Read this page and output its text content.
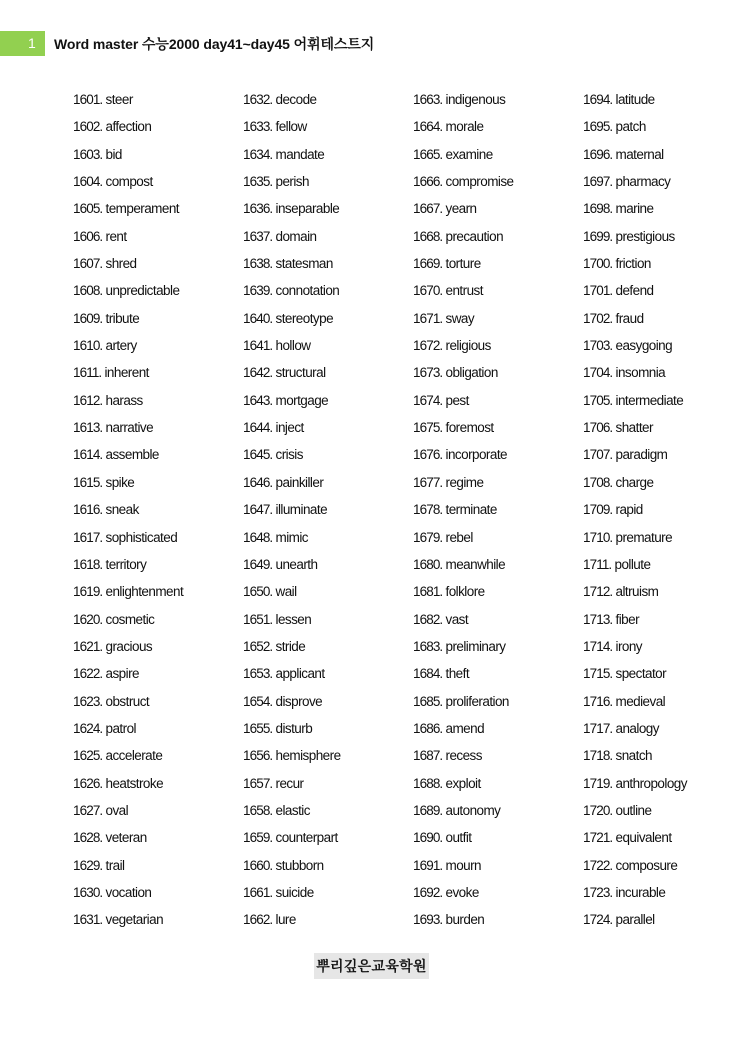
1	Word master 수능2000 day41~day45 어휘테스트지
1601. steer
1602. affection
1603. bid
1604. compost
1605. temperament
1606. rent
1607. shred
1608. unpredictable
1609. tribute
1610. artery
1611. inherent
1612. harass
1613. narrative
1614. assemble
1615. spike
1616. sneak
1617. sophisticated
1618. territory
1619. enlightenment
1620. cosmetic
1621. gracious
1622. aspire
1623. obstruct
1624. patrol
1625. accelerate
1626. heatstroke
1627. oval
1628. veteran
1629. trail
1630. vocation
1631. vegetarian
1632. decode
1633. fellow
1634. mandate
1635. perish
1636. inseparable
1637. domain
1638. statesman
1639. connotation
1640. stereotype
1641. hollow
1642. structural
1643. mortgage
1644. inject
1645. crisis
1646. painkiller
1647. illuminate
1648. mimic
1649. unearth
1650. wail
1651. lessen
1652. stride
1653. applicant
1654. disprove
1655. disturb
1656. hemisphere
1657. recur
1658. elastic
1659. counterpart
1660. stubborn
1661. suicide
1662. lure
1663. indigenous
1664. morale
1665. examine
1666. compromise
1667. yearn
1668. precaution
1669. torture
1670. entrust
1671. sway
1672. religious
1673. obligation
1674. pest
1675. foremost
1676. incorporate
1677. regime
1678. terminate
1679. rebel
1680. meanwhile
1681. folklore
1682. vast
1683. preliminary
1684. theft
1685. proliferation
1686. amend
1687. recess
1688. exploit
1689. autonomy
1690. outfit
1691. mourn
1692. evoke
1693. burden
1694. latitude
1695. patch
1696. maternal
1697. pharmacy
1698. marine
1699. prestigious
1700. friction
1701. defend
1702. fraud
1703. easygoing
1704. insomnia
1705. intermediate
1706. shatter
1707. paradigm
1708. charge
1709. rapid
1710. premature
1711. pollute
1712. altruism
1713. fiber
1714. irony
1715. spectator
1716. medieval
1717. analogy
1718. snatch
1719. anthropology
1720. outline
1721. equivalent
1722. composure
1723. incurable
1724. parallel
뿌리깊은교육학원
